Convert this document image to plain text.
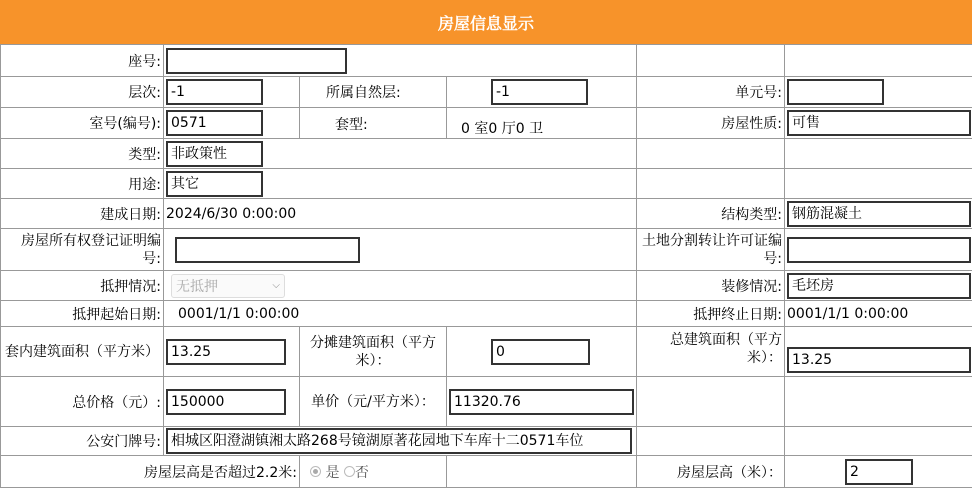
房屋信息显示
座号:					
层次:	-1	所属自然层:	-1	单元号:	
室号(编号):	0571	套型:	0 室0 厅0 卫	房屋性质:	可售
类型:	非政策性				
用途:	其它				
建成日期:	2024/6/30 0:00:00			结构类型:	钢筋混凝土
房屋所有权登记证明编号:				土地分割转让许可证编号:	
抵押情况:	无抵押 ⌵			装修情况:	毛坯房
抵押起始日期:	0001/1/1 0:00:00			抵押终止日期:	0001/1/1 0:00:00
套内建筑面积（平方米）	13.25	分摊建筑面积（平方米）：	0	总建筑面积（平方米）：	13.25
总价格（元）:	150000	单价（元/平方米）：	11320.76		
公安门牌号:	相城区阳澄湖镇湘太路268号镜湖原著花园地下车库十二0571车位				
房屋层高是否超过2.2米:		是 否		房屋层高（米）：	2
